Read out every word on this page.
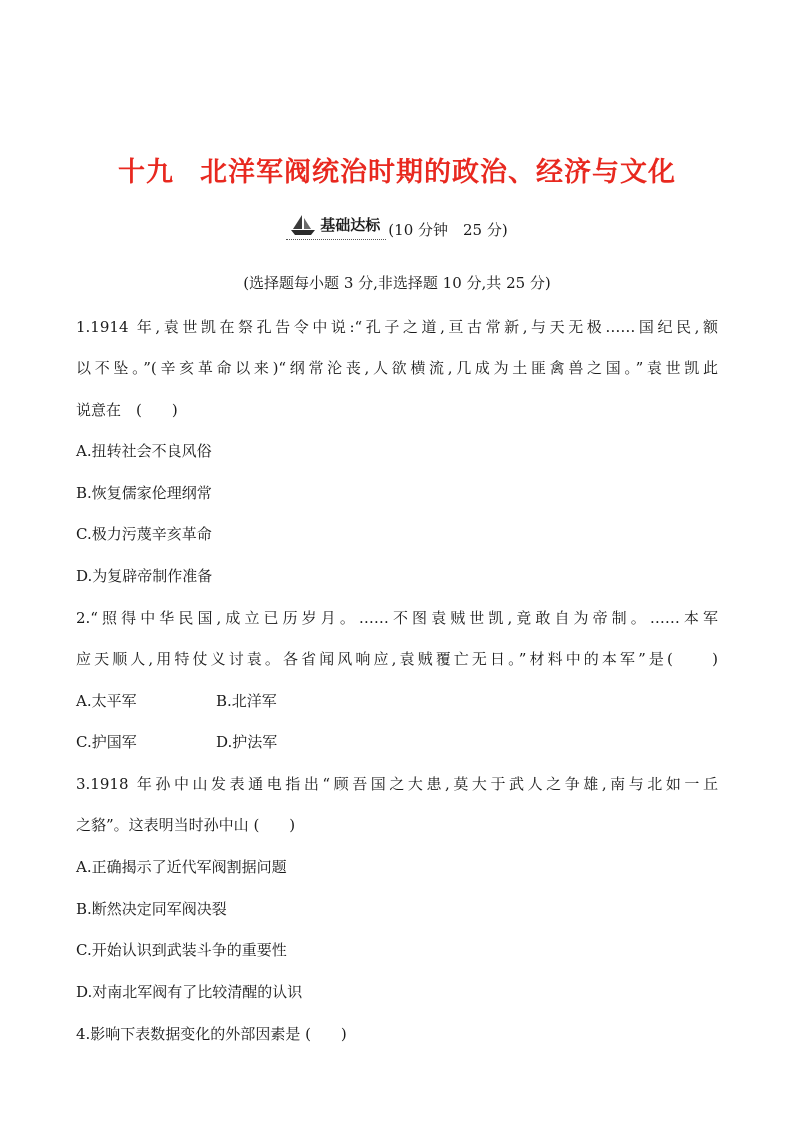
十九 北洋军阀统治时期的政治、经济与文化
基础达标 (10 分钟　25 分)
(选择题每小题 3 分,非选择题 10 分,共 25 分)
1.1914 年,袁世凯在祭孔告令中说:“孔子之道,亘古常新,与天无极……国纪民,额
以不坠。”(辛亥革命以来)“纲常沦丧,人欲横流,几成为土匪禽兽之国。”袁世凯此
说意在　(　　)
A.扭转社会不良风俗
B.恢复儒家伦理纲常
C.极力污蔑辛亥革命
D.为复辟帝制作准备
2.“照得中华民国,成立已历岁月。……不图袁贼世凯,竟敢自为帝制。……本军
应天顺人,用特仗义讨袁。各省闻风响应,袁贼覆亡无日。”材料中的本军”是(　　)
A.太平军	B.北洋军
C.护国军	D.护法军
3.1918 年孙中山发表通电指出“顾吾国之大患,莫大于武人之争雄,南与北如一丘
之貉”。这表明当时孙中山 (　　)
A.正确揭示了近代军阀割据问题
B.断然决定同军阀决裂
C.开始认识到武装斗争的重要性
D.对南北军阀有了比较清醒的认识
4.影响下表数据变化的外部因素是 (　　)
